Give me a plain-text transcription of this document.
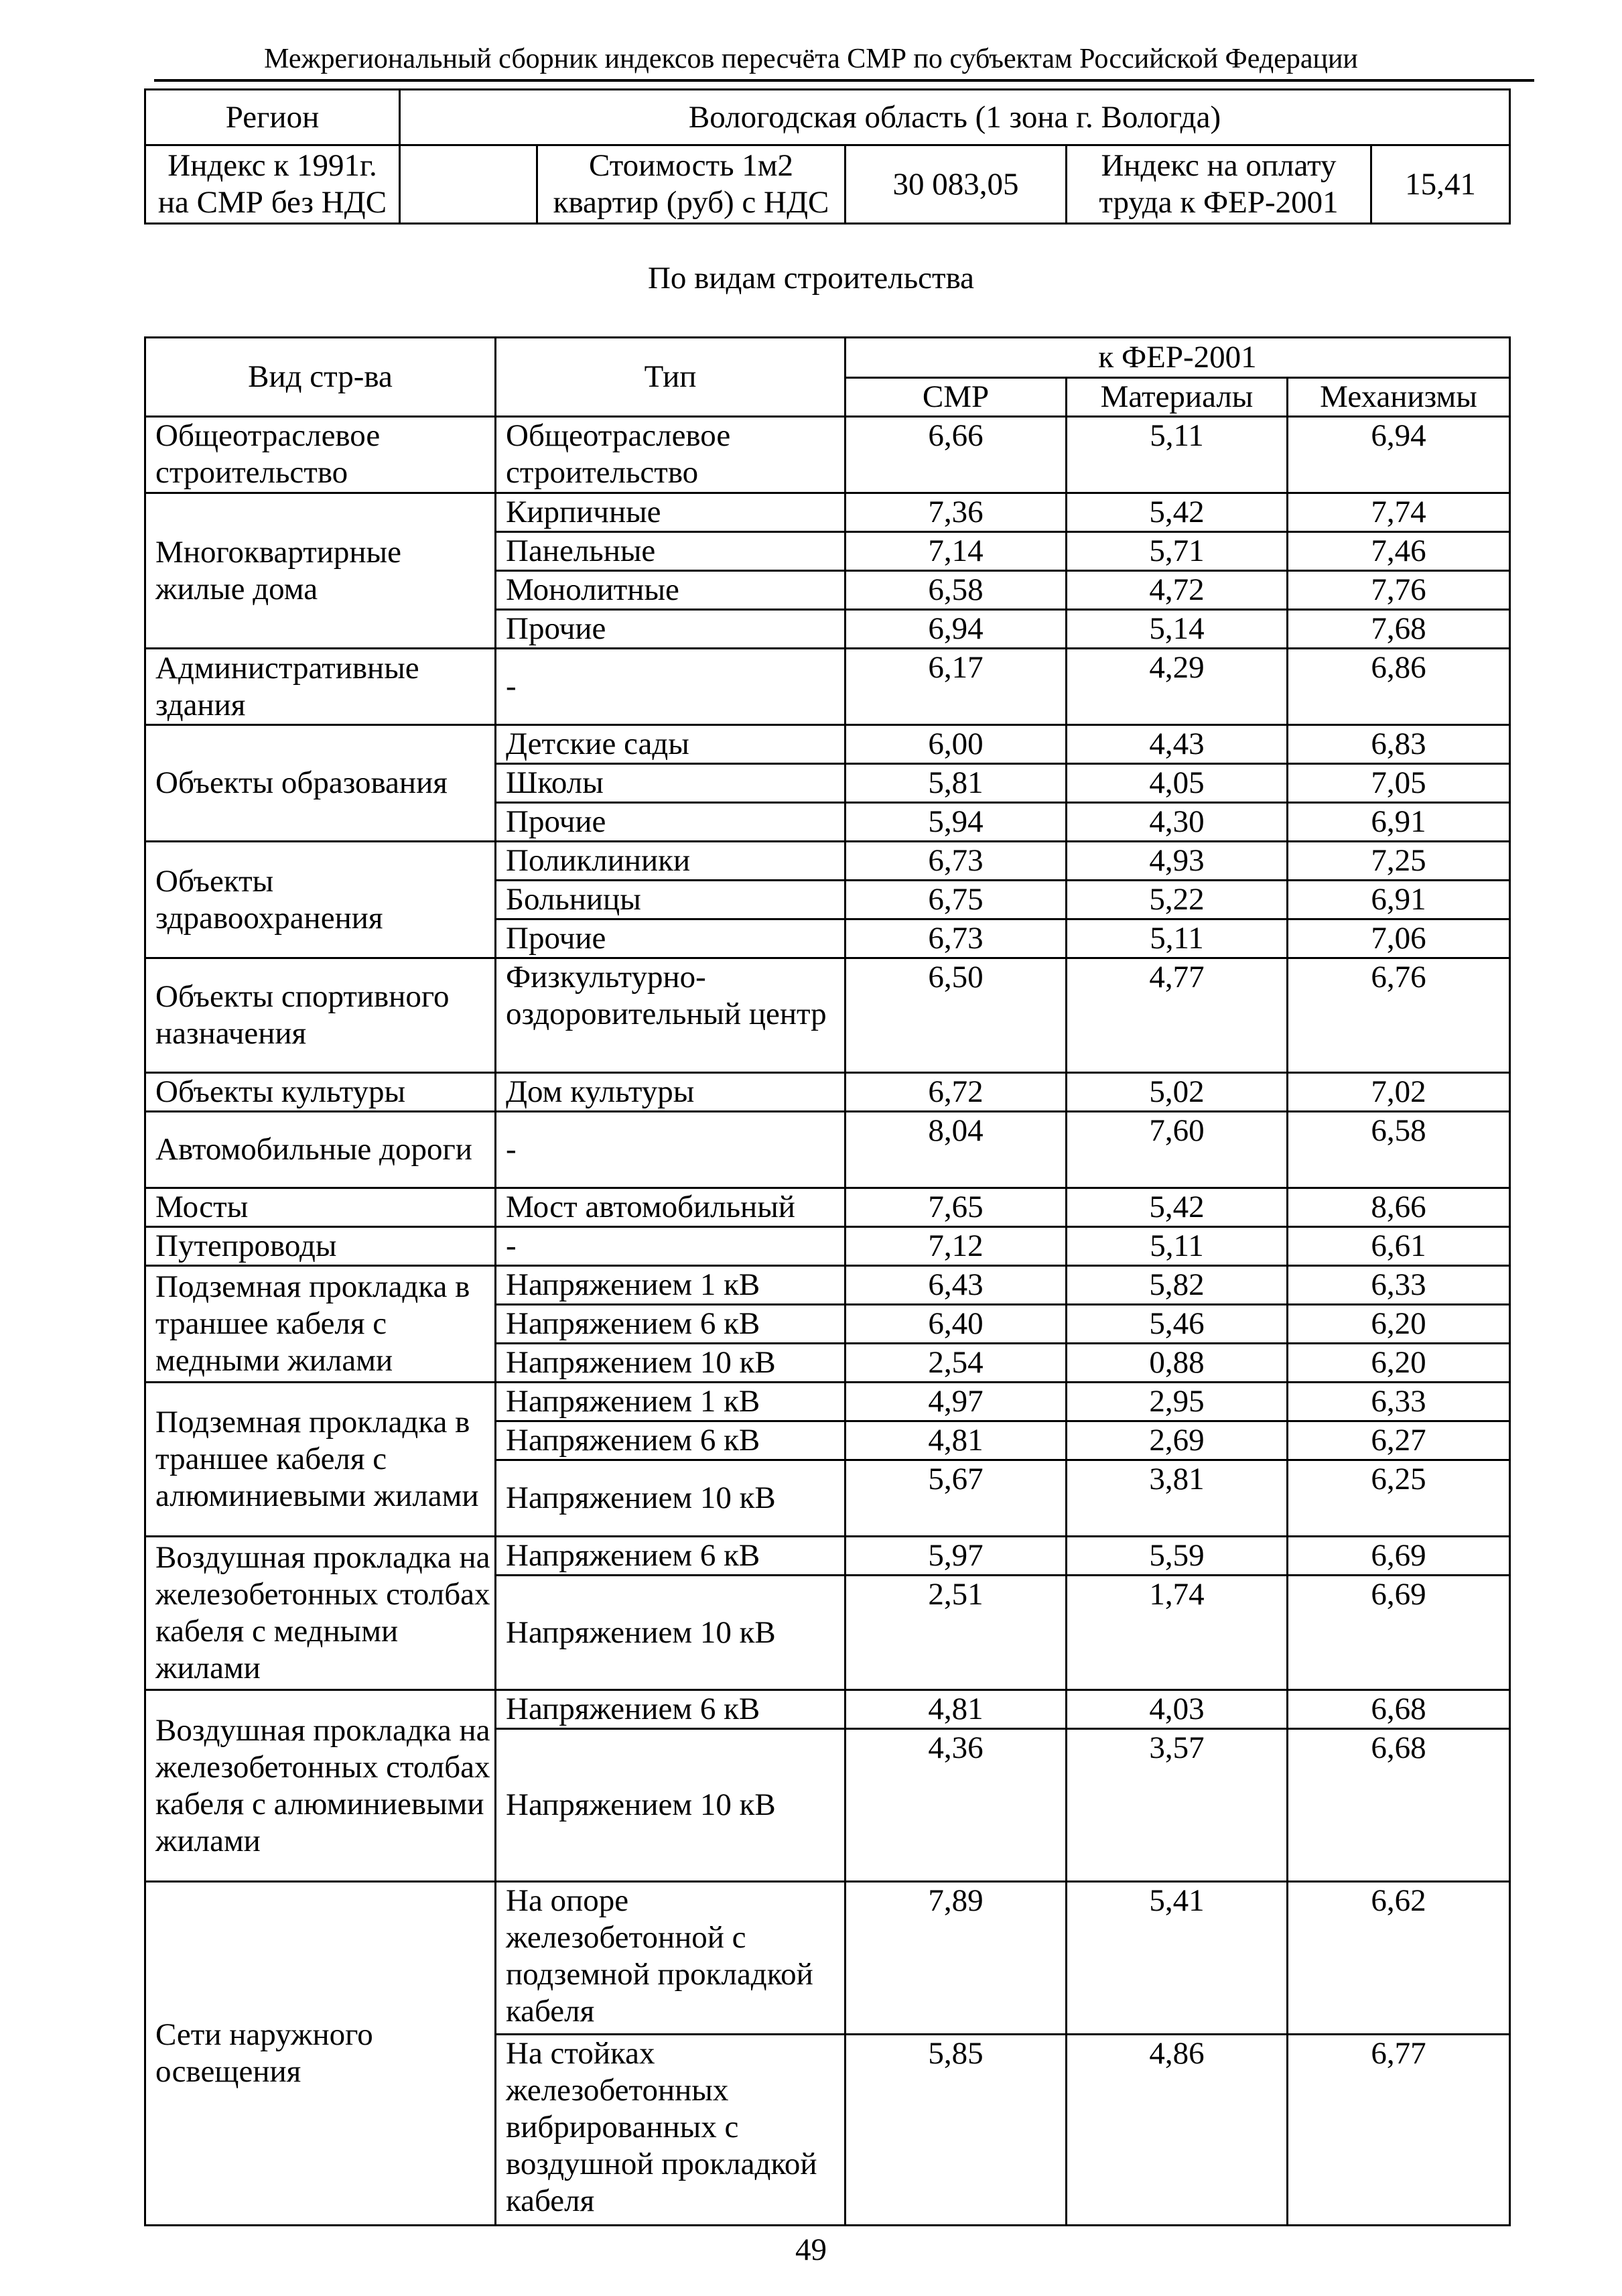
Межрегиональный сборник индексов пересчёта СМР по субъектам Российской Федерации
Регион	Вологодская область (1 зона г. Вологда)				
Индекс к 1991г. на СМР без НДС		Стоимость 1м2 квартир (руб) с НДС	30 083,05	Индекс на оплату труда к ФЕР-2001	15,41
По видам строительства
Вид стр-ва	Тип	к ФЕР-2001		
		СМР	Материалы	Механизмы
Общеотраслевое строительство	Общеотраслевое строительство	6,66	5,11	6,94
Многоквартирные жилые дома	Кирпичные	7,36	5,42	7,74
	Панельные	7,14	5,71	7,46
	Монолитные	6,58	4,72	7,76
	Прочие	6,94	5,14	7,68
Административные здания	-	6,17	4,29	6,86
Объекты образования	Детские сады	6,00	4,43	6,83
	Школы	5,81	4,05	7,05
	Прочие	5,94	4,30	6,91
Объекты здравоохранения	Поликлиники	6,73	4,93	7,25
	Больницы	6,75	5,22	6,91
	Прочие	6,73	5,11	7,06
Объекты спортивного назначения	Физкультурно-оздоровительный центр	6,50	4,77	6,76
Объекты культуры	Дом культуры	6,72	5,02	7,02
Автомобильные дороги	-	8,04	7,60	6,58
Мосты	Мост автомобильный	7,65	5,42	8,66
Путепроводы	-	7,12	5,11	6,61
Подземная прокладка в траншее кабеля с медными жилами	Напряжением 1 кВ	6,43	5,82	6,33
	Напряжением 6 кВ	6,40	5,46	6,20
	Напряжением 10 кВ	2,54	0,88	6,20
Подземная прокладка в траншее кабеля с алюминиевыми жилами	Напряжением 1 кВ	4,97	2,95	6,33
	Напряжением 6 кВ	4,81	2,69	6,27
	Напряжением 10 кВ	5,67	3,81	6,25
Воздушная прокладка на железобетонных столбах кабеля с медными жилами	Напряжением 6 кВ	5,97	5,59	6,69
	Напряжением 10 кВ	2,51	1,74	6,69
Воздушная прокладка на железобетонных столбах кабеля с алюминиевыми жилами	Напряжением 6 кВ	4,81	4,03	6,68
	Напряжением 10 кВ	4,36	3,57	6,68
Сети наружного освещения	На опоре железобетонной с подземной прокладкой кабеля	7,89	5,41	6,62
	На стойках железобетонных вибрированных с воздушной прокладкой кабеля	5,85	4,86	6,77
49
